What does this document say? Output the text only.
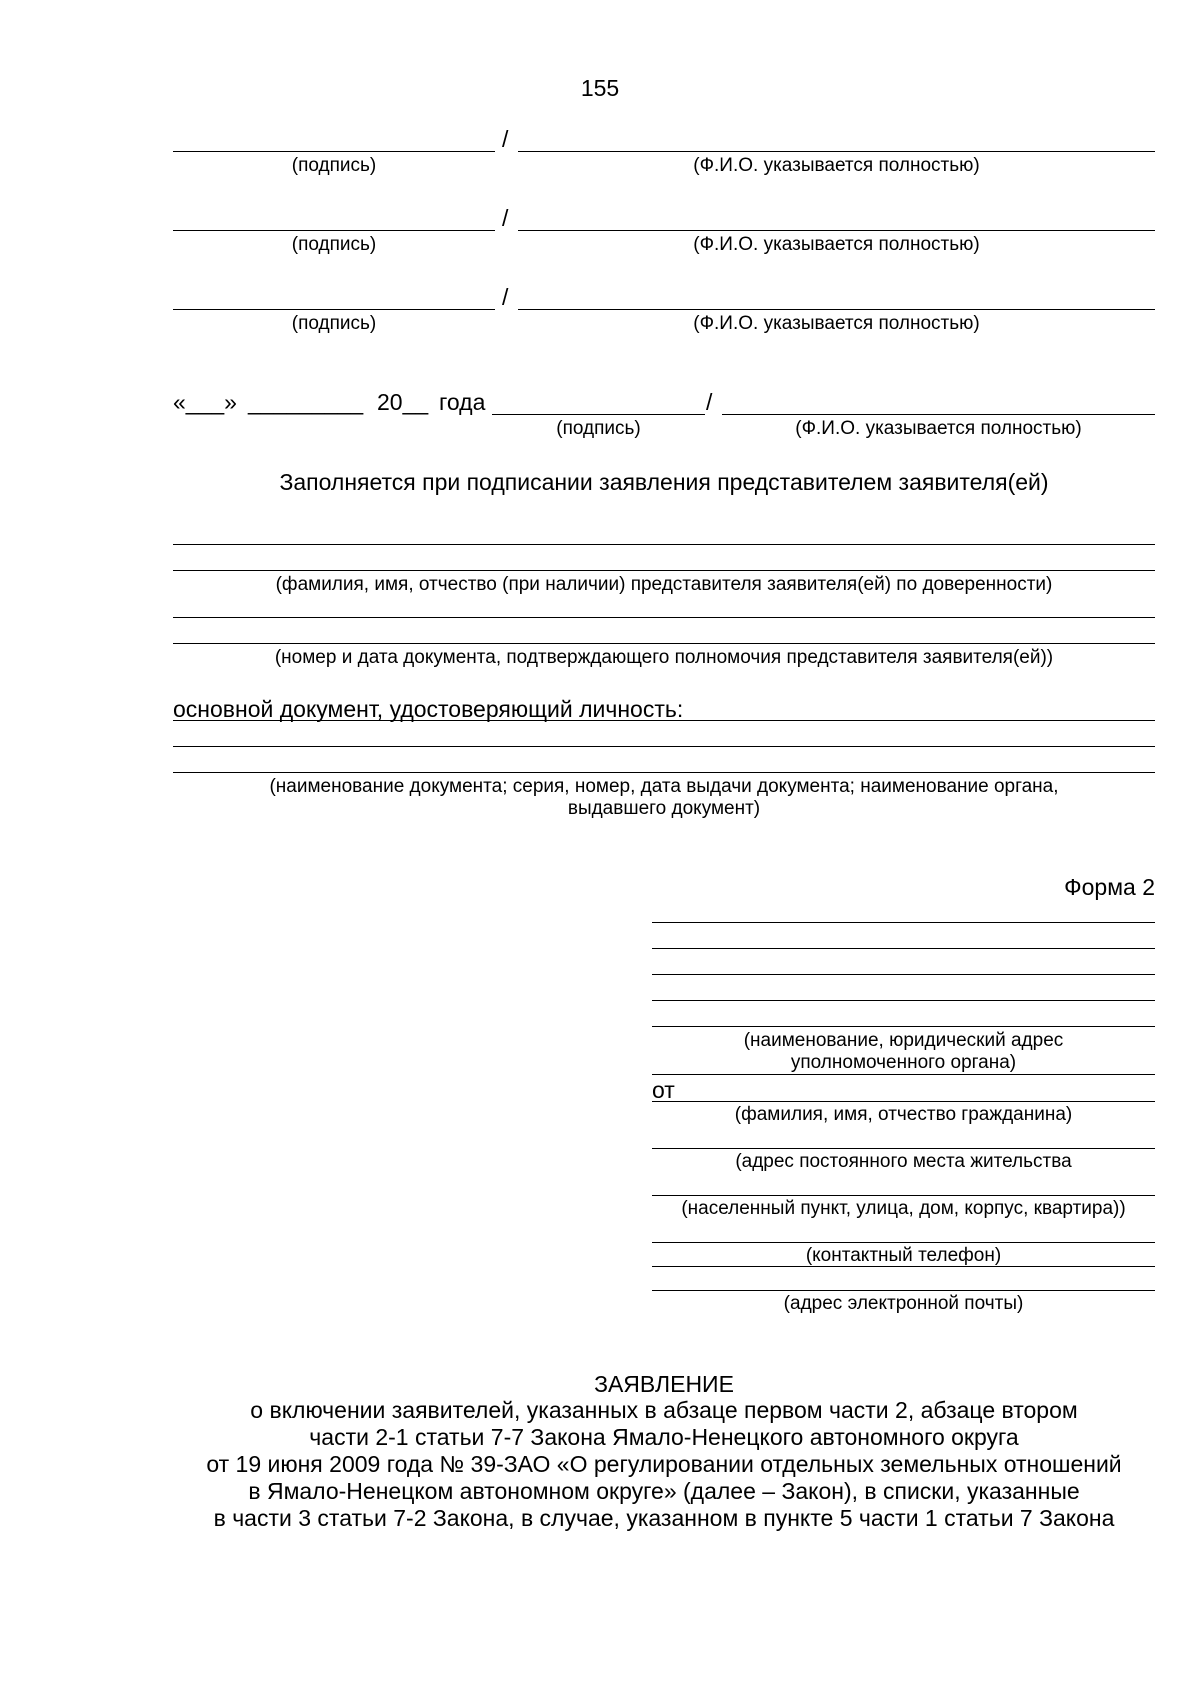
155
/
(подпись)	(Ф.И.О. указывается полностью)
/
(подпись)	(Ф.И.О. указывается полностью)
/
(подпись)	(Ф.И.О. указывается полностью)
«___» _________ 20__ года	/
(подпись)	(Ф.И.О. указывается полностью)
Заполняется при подписании заявления представителем заявителя(ей)
(фамилия, имя, отчество (при наличии) представителя заявителя(ей) по доверенности)
(номер и дата документа, подтверждающего полномочия представителя заявителя(ей))
основной документ, удостоверяющий личность:
(наименование документа; серия, номер, дата выдачи документа; наименование органа,
выдавшего документ)
Форма 2
(наименование, юридический адрес
уполномоченного органа)
от
(фамилия, имя, отчество гражданина)
(адрес постоянного места жительства
(населенный пункт, улица, дом, корпус, квартира))
(контактный телефон)
(адрес электронной почты)
ЗАЯВЛЕНИЕ
о включении заявителей, указанных в абзаце первом части 2, абзаце втором
части 2-1 статьи 7-7 Закона Ямало-Ненецкого автономного округа
от 19 июня 2009 года № 39-ЗАО «О регулировании отдельных земельных отношений
в Ямало-Ненецком автономном округе» (далее – Закон), в списки, указанные
в части 3 статьи 7-2 Закона, в случае, указанном в пункте 5 части 1 статьи 7 Закона
